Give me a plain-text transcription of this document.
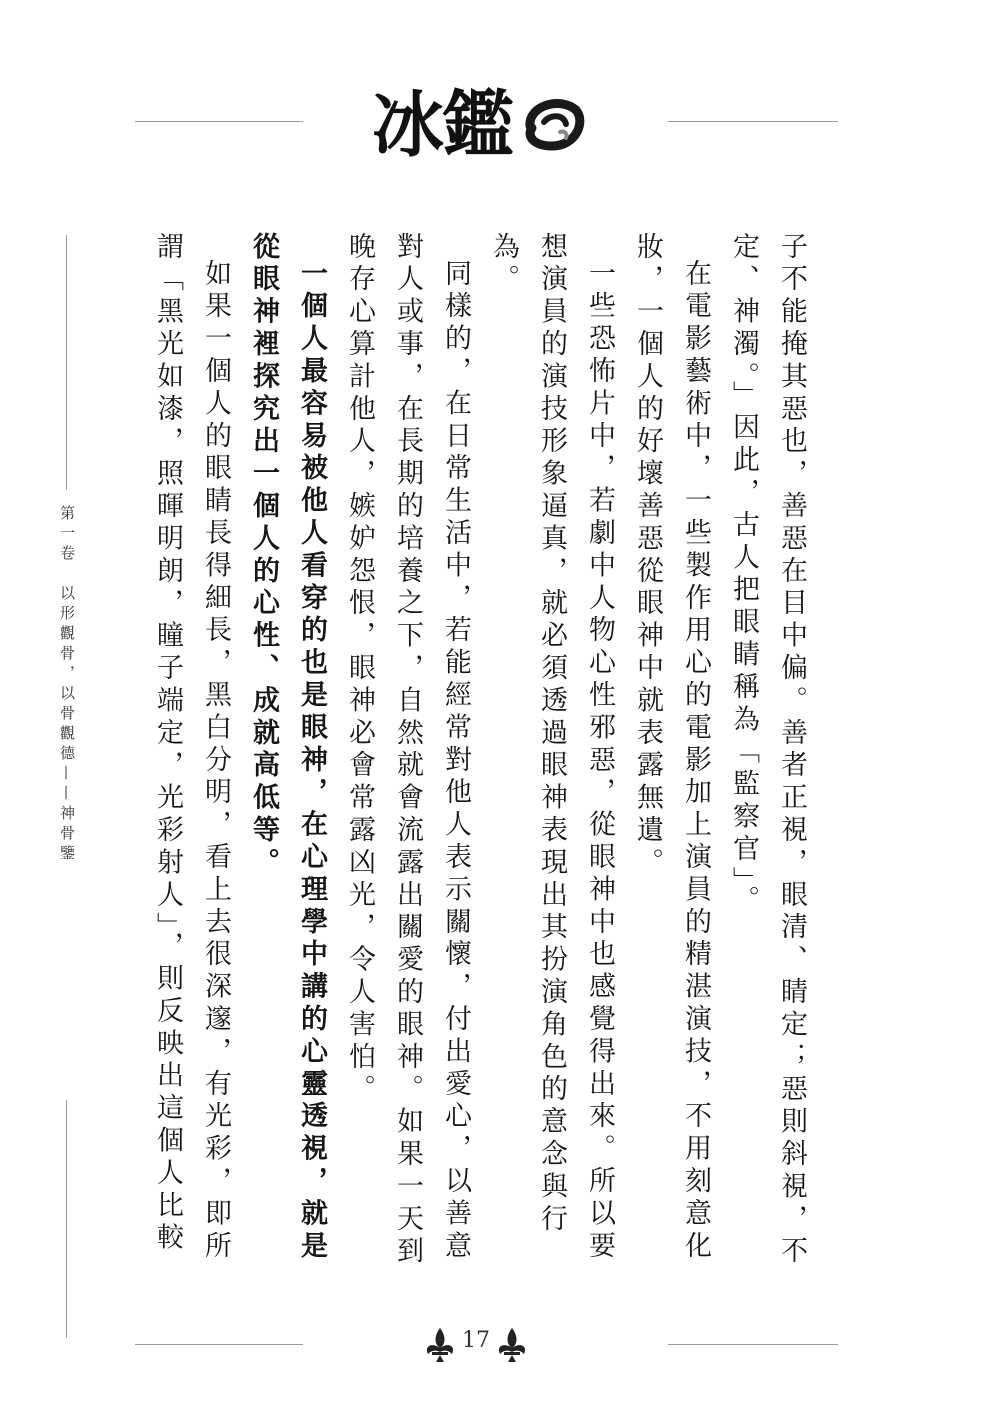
冰鑑
第一卷　以形觀骨，以骨觀德——神骨鑒	子不能掩其惡也，善惡在目中偏。善者正視，眼清、睛定；惡則斜視，不定、神濁。」因此，古人把眼睛稱為「監察官」。

在電影藝術中，一些製作用心的電影加上演員的精湛演技，不用刻意化妝，一個人的好壞善惡從眼神中就表露無遺。

一些恐怖片中，若劇中人物心性邪惡，從眼神中也感覺得出來。所以要想演員的演技形象逼真，就必須透過眼神表現出其扮演角色的意念與行為。

同樣的，在日常生活中，若能經常對他人表示關懷，付出愛心，以善意對人或事，在長期的培養之下，自然就會流露出關愛的眼神。如果一天到晚存心算計他人，嫉妒怨恨，眼神必會常露凶光，令人害怕。

一個人最容易被他人看穿的也是眼神，在心理學中講的心靈透視，就是從眼神裡探究出一個人的心性、成就高低等。

如果一個人的眼睛長得細長，黑白分明，看上去很深邃，有光彩，即所謂「黑光如漆，照暉明朗，瞳子端定，光彩射人」，則反映出這個人比較

17
